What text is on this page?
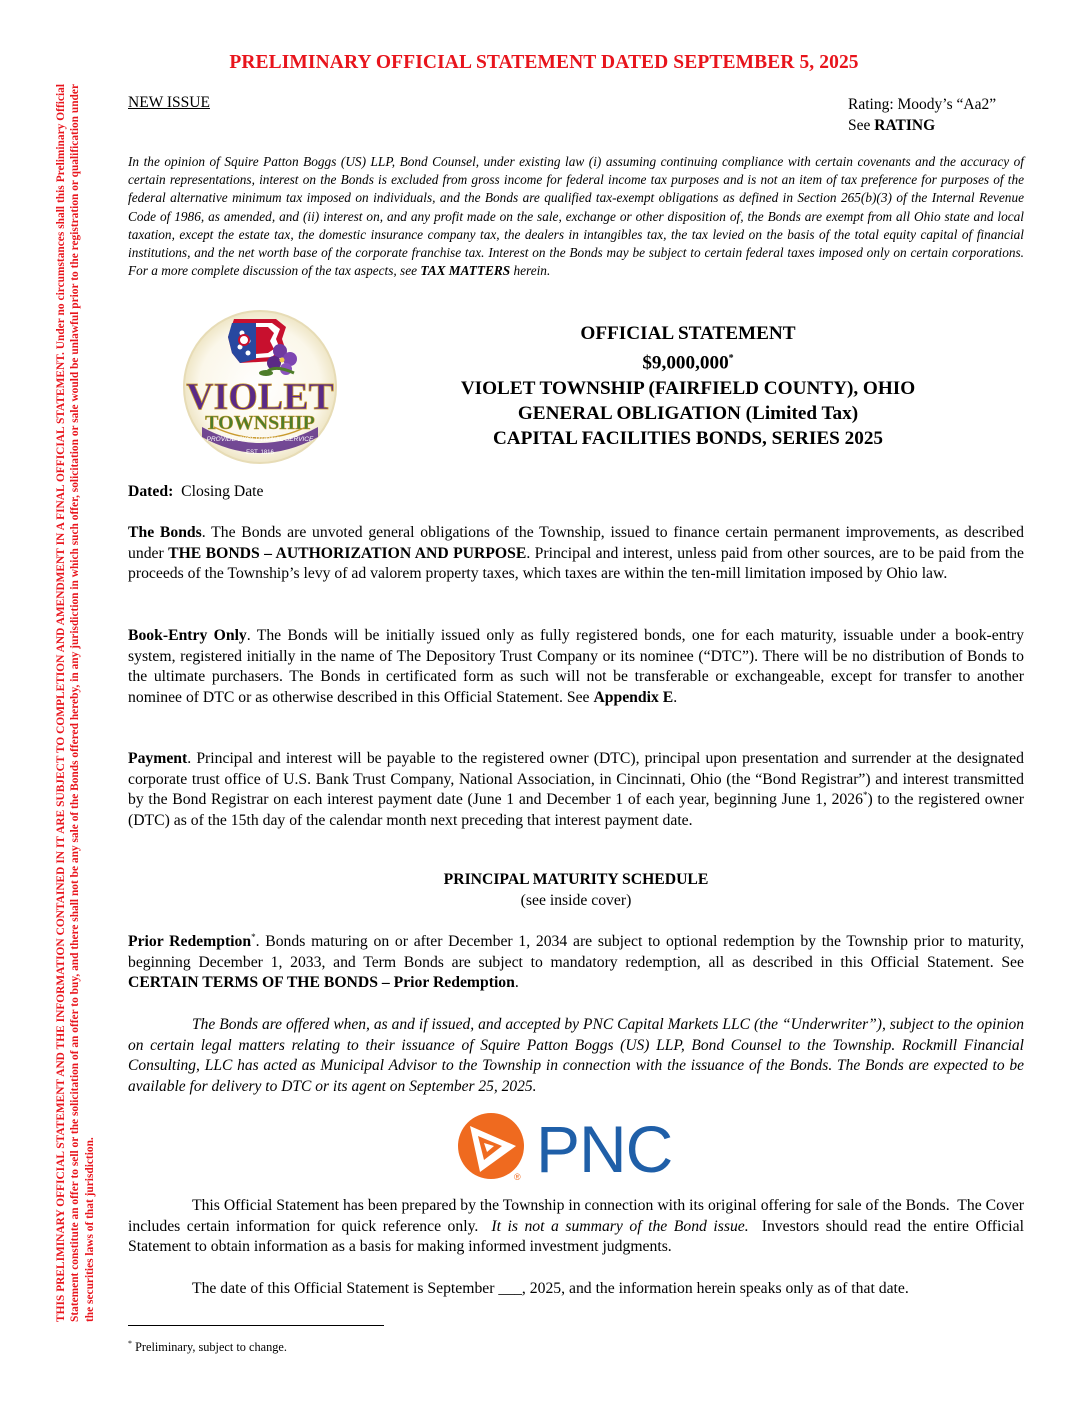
PRELIMINARY OFFICIAL STATEMENT DATED SEPTEMBER 5, 2025
THIS PRELIMINARY OFFICIAL STATEMENT AND THE INFORMATION CONTAINED IN IT ARE SUBJECT TO COMPLETION AND AMENDMENT IN A FINAL OFFICIAL STATEMENT. Under no circumstances shall this Preliminary Official Statement constitute an offer to sell or the solicitation of an offer to buy, and there shall not be any sale of the Bonds offered hereby, in any jurisdiction in which such offer, solicitation or sale would be unlawful prior to the registration or qualification under the securities laws of that jurisdiction.
NEW ISSUE	Rating: Moody’s “Aa2”
See RATING

In the opinion of Squire Patton Boggs (US) LLP, Bond Counsel, under existing law (i) assuming continuing compliance with certain covenants and the accuracy of certain representations, interest on the Bonds is excluded from gross income for federal income tax purposes and is not an item of tax preference for purposes of the federal alternative minimum tax imposed on individuals, and the Bonds are qualified tax-exempt obligations as defined in Section 265(b)(3) of the Internal Revenue Code of 1986, as amended, and (ii) interest on, and any profit made on the sale, exchange or other disposition of, the Bonds are exempt from all Ohio state and local taxation, except the estate tax, the domestic insurance company tax, the dealers in intangibles tax, the tax levied on the basis of the total equity capital of financial institutions, and the net worth base of the corporate franchise tax. Interest on the Bonds may be subject to certain federal taxes imposed only on certain corporations. For a more complete discussion of the tax aspects, see TAX MATTERS herein.

VIOLET
TOWNSHIP
PROVIDE EXCEPTIONAL SERVICE
EST. 1816
OFFICIAL STATEMENT
$9,000,000*
VIOLET TOWNSHIP (FAIRFIELD COUNTY), OHIO
GENERAL OBLIGATION (Limited Tax)
CAPITAL FACILITIES BONDS, SERIES 2025

Dated:  Closing Date

The Bonds. The Bonds are unvoted general obligations of the Township, issued to finance certain permanent improvements, as described under THE BONDS – AUTHORIZATION AND PURPOSE. Principal and interest, unless paid from other sources, are to be paid from the proceeds of the Township’s levy of ad valorem property taxes, which taxes are within the ten-mill limitation imposed by Ohio law.

Book-Entry Only. The Bonds will be initially issued only as fully registered bonds, one for each maturity, issuable under a book-entry system, registered initially in the name of The Depository Trust Company or its nominee (“DTC”). There will be no distribution of Bonds to the ultimate purchasers. The Bonds in certificated form as such will not be transferable or exchangeable, except for transfer to another nominee of DTC or as otherwise described in this Official Statement. See Appendix E.

Payment. Principal and interest will be payable to the registered owner (DTC), principal upon presentation and surrender at the designated corporate trust office of U.S. Bank Trust Company, National Association, in Cincinnati, Ohio (the “Bond Registrar”) and interest transmitted by the Bond Registrar on each interest payment date (June 1 and December 1 of each year, beginning June 1, 2026*) to the registered owner (DTC) as of the 15th day of the calendar month next preceding that interest payment date.

PRINCIPAL MATURITY SCHEDULE
(see inside cover)

Prior Redemption*. Bonds maturing on or after December 1, 2034 are subject to optional redemption by the Township prior to maturity, beginning December 1, 2033, and Term Bonds are subject to mandatory redemption, all as described in this Official Statement. See CERTAIN TERMS OF THE BONDS – Prior Redemption.

The Bonds are offered when, as and if issued, and accepted by PNC Capital Markets LLC (the “Underwriter”), subject to the opinion on certain legal matters relating to their issuance of Squire Patton Boggs (US) LLP, Bond Counsel to the Township. Rockmill Financial Consulting, LLC has acted as Municipal Advisor to the Township in connection with the issuance of the Bonds. The Bonds are expected to be available for delivery to DTC or its agent on September 25, 2025.

PNC
®

This Official Statement has been prepared by the Township in connection with its original offering for sale of the Bonds.  The Cover includes certain information for quick reference only.  It is not a summary of the Bond issue.  Investors should read the entire Official Statement to obtain information as a basis for making informed investment judgments.

The date of this Official Statement is September ___, 2025, and the information herein speaks only as of that date.

* Preliminary, subject to change.
